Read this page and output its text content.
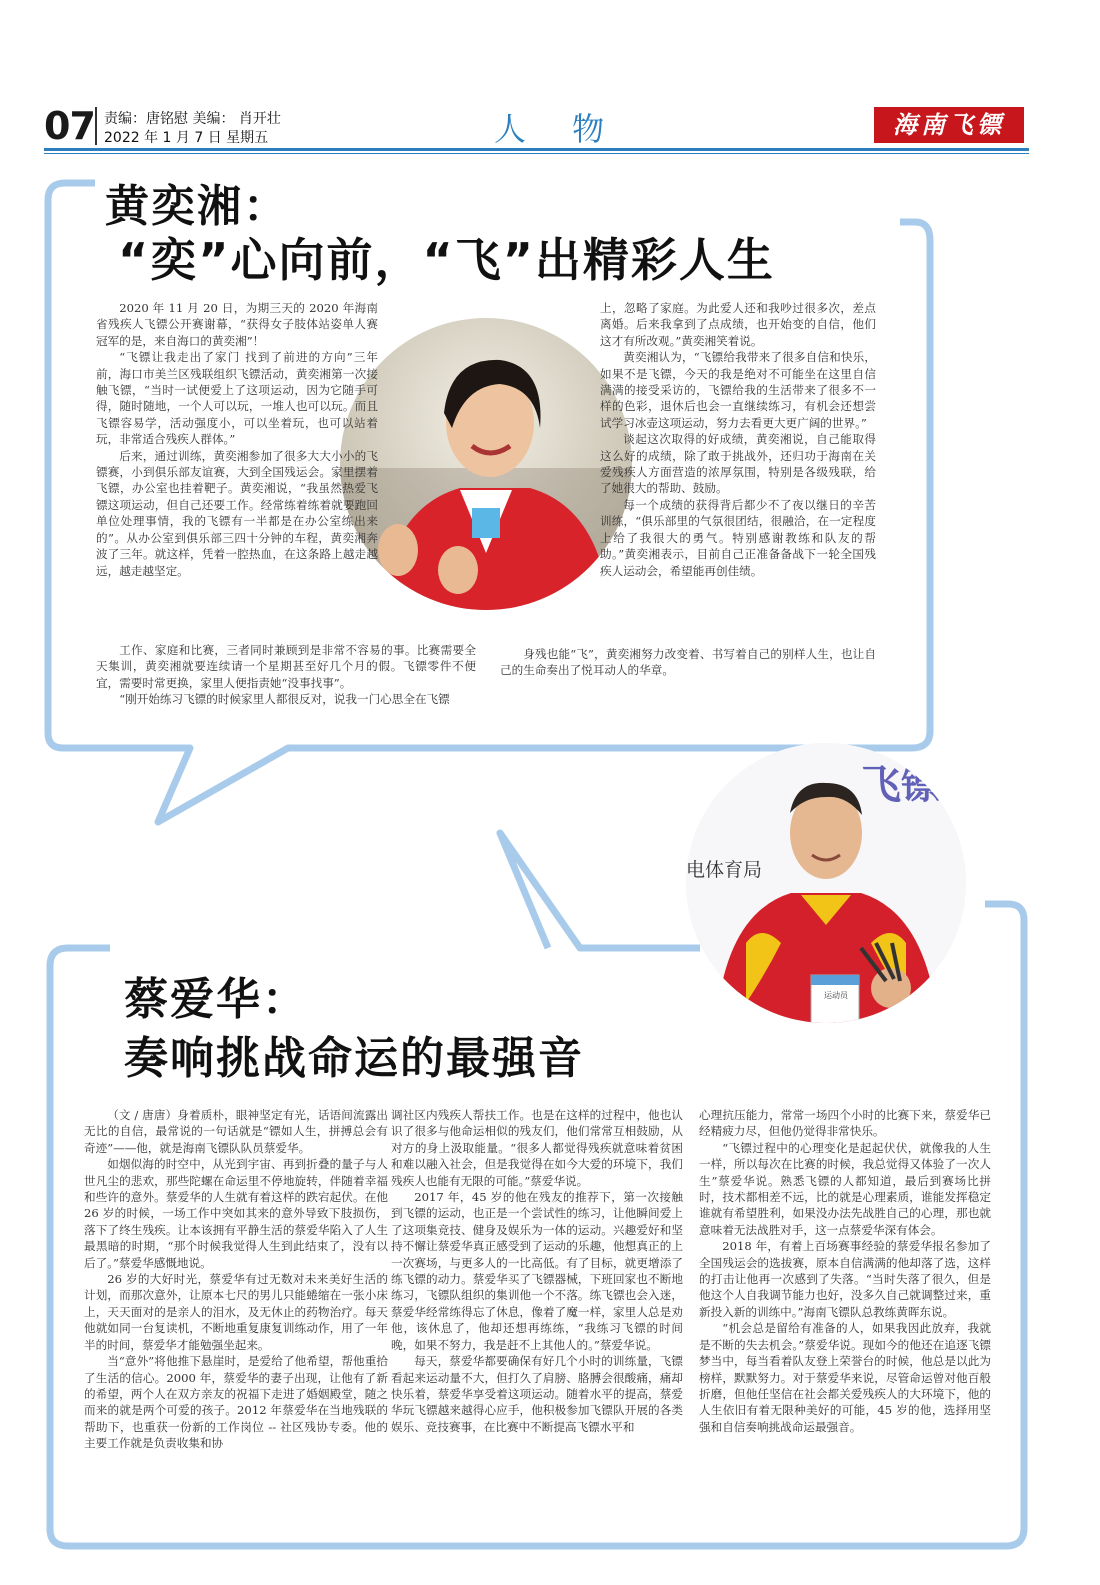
07 责编：唐铭慰 美编： 肖开壮
2022 年 1 月 7 日 星期五	人 物	海南飞镖
黄奕湘：
“奕”心向前，“飞”出精彩人生

2020 年 11 月 20 日，为期三天的 2020 年海南省残疾人飞镖公开赛谢幕，“获得女子肢体站姿单人赛冠军的是，来自海口的黄奕湘”！

“飞镖让我走出了家门 找到了前进的方向”三年前，海口市美兰区残联组织飞镖活动，黄奕湘第一次接触飞镖，“当时一试便爱上了这项运动，因为它随手可得，随时随地，一个人可以玩，一堆人也可以玩。而且飞镖容易学，活动强度小，可以坐着玩，也可以站着玩，非常适合残疾人群体。”

后来，通过训练，黄奕湘参加了很多大大小小的飞镖赛，小到俱乐部友谊赛，大到全国残运会。家里摆着飞镖，办公室也挂着靶子。黄奕湘说，“我虽然热爱飞镖这项运动，但自己还要工作。经常练着练着就要跑回单位处理事情，我的飞镖有一半都是在办公室练出来的”。从办公室到俱乐部三四十分钟的车程，黄奕湘奔波了三年。就这样，凭着一腔热血，在这条路上越走越远，越走越坚定。

工作、家庭和比赛，三者同时兼顾到是非常不容易的事。比赛需要全天集训，黄奕湘就要连续请一个星期甚至好几个月的假。飞镖零件不便宜，需要时常更换，家里人便指责她“没事找事”。

“刚开始练习飞镖的时候家里人都很反对，说我一门心思全在飞镖

上，忽略了家庭。为此爱人还和我吵过很多次，差点离婚。后来我拿到了点成绩，也开始变的自信，他们这才有所改观。”黄奕湘笑着说。

黄奕湘认为，“飞镖给我带来了很多自信和快乐，如果不是飞镖，今天的我是绝对不可能坐在这里自信满满的接受采访的，飞镖给我的生活带来了很多不一样的色彩，退休后也会一直继续练习，有机会还想尝试学习冰壶这项运动，努力去看更大更广阔的世界。”

谈起这次取得的好成绩，黄奕湘说，自己能取得这么好的成绩，除了敢于挑战外，还归功于海南在关爱残疾人方面营造的浓厚氛围，特别是各级残联，给了她很大的帮助、鼓励。

每一个成绩的获得背后都少不了夜以继日的辛苦训练，“俱乐部里的气氛很团结，很融洽，在一定程度上给了我很大的勇气。特别感谢教练和队友的帮助。”黄奕湘表示，目前自己正准备备战下一轮全国残疾人运动会，希望能再创佳绩。

身残也能“飞”，黄奕湘努力改变着、书写着自己的别样人生，也让自己的生命奏出了悦耳动人的华章。

飞镖
电体育局
运动员
蔡爱华：
奏响挑战命运的最强音

（文 / 唐唐）身着质朴，眼神坚定有光，话语间流露出无比的自信，最常说的一句话就是“镖如人生，拼搏总会有奇迹”——他，就是海南飞镖队队员蔡爱华。

如烟似海的时空中，从光到宇宙、再到折叠的量子与人世凡尘的悲欢，那些陀螺在命运里不停地旋转，伴随着幸福和些许的意外。蔡爱华的人生就有着这样的跌宕起伏。在他 26 岁的时候，一场工作中突如其来的意外导致下肢损伤，落下了终生残疾。让本该拥有平静生活的蔡爱华陷入了人生最黑暗的时期，“那个时候我觉得人生到此结束了，没有以后了。”蔡爱华感慨地说。

26 岁的大好时光，蔡爱华有过无数对未来美好生活的计划，而那次意外，让原本七尺的男儿只能蜷缩在一张小床上，天天面对的是亲人的泪水，及无休止的药物治疗。每天他就如同一台复读机，不断地重复康复训练动作，用了一年半的时间，蔡爱华才能勉强坐起来。

当“意外”将他推下悬崖时，是爱给了他希望，帮他重拾了生活的信心。2000 年，蔡爱华的妻子出现，让他有了新的希望，两个人在双方亲友的祝福下走进了婚姻殿堂，随之而来的就是两个可爱的孩子。2012 年蔡爱华在当地残联的帮助下，也重获一份新的工作岗位 -- 社区残协专委。他的主要工作就是负责收集和协

调社区内残疾人帮扶工作。也是在这样的过程中，他也认识了很多与他命运相似的残友们，他们常常互相鼓励，从对方的身上汲取能量。“很多人都觉得残疾就意味着贫困和难以融入社会，但是我觉得在如今大爱的环境下，我们残疾人也能有无限的可能。”蔡爱华说。

2017 年，45 岁的他在残友的推荐下，第一次接触到飞镖的运动，也正是一个尝试性的练习，让他瞬间爱上了这项集竞技、健身及娱乐为一体的运动。兴趣爱好和坚持不懈让蔡爱华真正感受到了运动的乐趣，他想真正的上一次赛场，与更多人的一比高低。有了目标，就更增添了练飞镖的动力。蔡爱华买了飞镖器械，下班回家也不断地练习，飞镖队组织的集训他一个不落。练飞镖也会入迷，蔡爱华经常练得忘了休息，像着了魔一样，家里人总是劝他，该休息了，他却还想再练练，“我练习飞镖的时间晚，如果不努力，我是赶不上其他人的。”蔡爱华说。

每天，蔡爱华都要确保有好几个小时的训练量，飞镖看起来运动量不大，但打久了肩膀、胳膊会很酸痛，痛却快乐着，蔡爱华享受着这项运动。随着水平的提高，蔡爱华玩飞镖越来越得心应手，他积极参加飞镖队开展的各类娱乐、竞技赛事，在比赛中不断提高飞镖水平和

心理抗压能力，常常一场四个小时的比赛下来，蔡爱华已经精疲力尽，但他仍觉得非常快乐。

“飞镖过程中的心理变化是起起伏伏，就像我的人生一样，所以每次在比赛的时候，我总觉得又体验了一次人生”蔡爱华说。熟悉飞镖的人都知道，最后到赛场比拼时，技术都相差不远，比的就是心理素质，谁能发挥稳定谁就有希望胜利，如果没办法先战胜自己的心理，那也就意味着无法战胜对手，这一点蔡爱华深有体会。

2018 年，有着上百场赛事经验的蔡爱华报名参加了全国残运会的选拔赛，原本自信满满的他却落了选，这样的打击让他再一次感到了失落。“当时失落了很久，但是他这个人自我调节能力也好，没多久自己就调整过来，重新投入新的训练中。”海南飞镖队总教练黄晖东说。

“机会总是留给有准备的人，如果我因此放弃，我就是不断的失去机会。”蔡爱华说。现如今的他还在追逐飞镖梦当中，每当看着队友登上荣誉台的时候，他总是以此为榜样，默默努力。对于蔡爱华来说，尽管命运曾对他百般折磨，但他任坚信在社会都关爱残疾人的大环境下，他的人生依旧有着无限种美好的可能，45 岁的他，选择用坚强和自信奏响挑战命运最强音。
